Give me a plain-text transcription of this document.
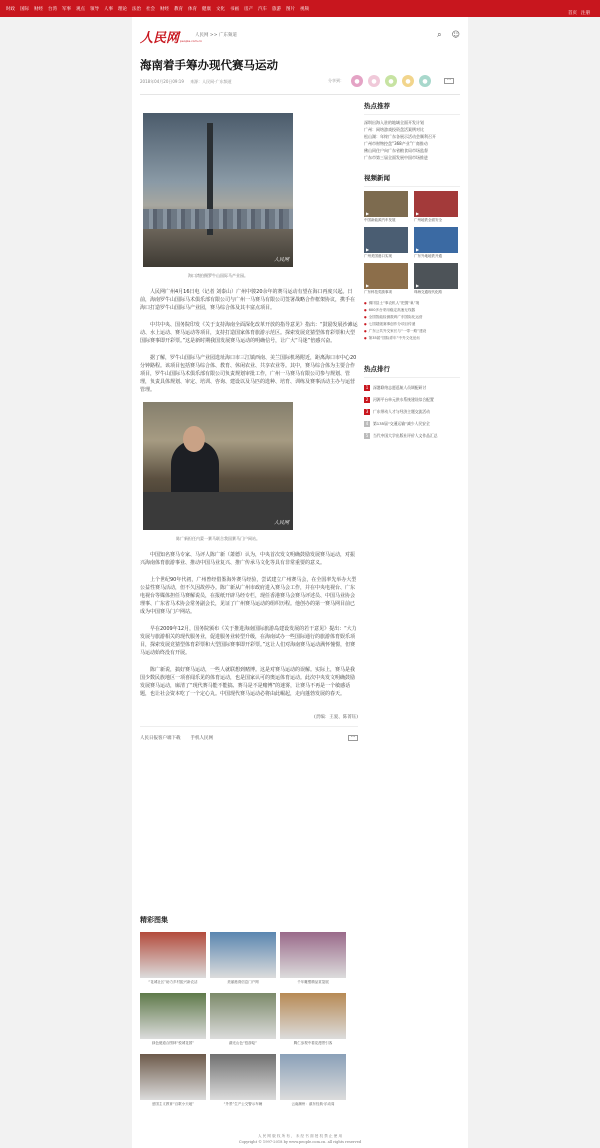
时政 国际 财经 台湾 军事 观点 领导 人事 理论 法治 社会 财经 教育 体育 健康 文化 书画 房产 汽车 旅游 图片 视频
首页 注册
人民网 people.com.cn
人民网 >> 广东频道	⌕ ☺
海南着手筹办现代赛马运动
2018年04月20日09:19 来源：人民网-广东频道	分享到：	●	●	●	●	●	···
人民网
海口湾拍摄罗牛山国际马产业园。

人民网广州4月16日电（记者 刘泰山）广州中骏20余年的赛马运动有望在海口再度兴起。日前，海南罗牛山国际马术俱乐部有限公司与广州一马赛马有限公司签署战略合作框架协议，携手在海口打造罗牛山国际马产业园，赛马综合体及其丰富点项目。

中共中央、国务院印发《关于支持海南全面深化改革开放的指导意见》指出：“鼓励发展沙滩运动、水上运动、赛马运动等项目，支持打造国家体育旅游示范区。探索发展竞猜型体育彩票和大型国际赛事即开彩票。”这是新时期我国发展赛马运动的明确信号，让广大“马迷”倍感兴奋。

据了解，罗牛山国际马产业园选址海口市三江镇西南、美兰国际机场附近，距离海口市中心20分钟路程。该项目包括赛马综合体、教育、休闲农业、共享农业等。其中，赛马综合体为主要合作项目，罗牛山国际马术俱乐部有限公司负责规划审批工作，广州一马赛马有限公司参与规划、管理，负责具体规划、审定、培训、咨询、建设以及马匹的选种、培育、训练及赛事活动主办与运营管理。

人民网
陈广新担任内蒙一赛马联合我国赛马门户网站。

中国知名赛马专家、马评人陈广新（萧德）认为，中央首次发文明确鼓励发展赛马运动，对振兴海南体育旅游事业、推动中国马业复兴、推广传承马文化等具有非常重要的意义。

上个世纪90年代初，广州曾经借鉴海外赛马经验，尝试建立广州赛马会，在全国率先举办大型公益性赛马活动，但不久因故停办。陈广新从广州市政府进入赛马会工作，并在中央电视台、广东电视台等媒体担任马赛解说员，在报纸开辟马经专栏，现任香港赛马会赛马评述员、中国马业协会理事、广东省马术协会常务副会长，见证了广州赛马运动的组织历程。他创办的第一赛马网目前已成为中国赛马门户网站。

早在2009年12月，国务院颁布《关于推进海南国际旅游岛建设发展的若干意见》提出：“大力发展与旅游相关的现代服务业，促进服务业转型升级，在海南试办一些国际通行的旅游体育娱乐项目，探索发展竞猜型体育彩票和大型国际赛事即开彩票。”这让人们对海南赛马运动满怀憧憬，但赛马运动始终没有开展。

陈广新说，搞好赛马运动，一些人就联想到赌博。这是对赛马运动的误解。实际上，赛马是我国少数民族地区一项喜闻乐见的体育运动，也是国家认可的奥运体育运动。此次中央发文明确鼓励发展赛马运动，廓清了“现代赛马能不能搞、赛马是不是赌博”的迷雾，让赛马不再是一个敏感话题，也让社会资本吃了一个定心丸。中国现代赛马运动必将由此崛起，走向蓬勃发展的春天。

(责编：王爱、陈菁钰)
人民日报客户端下载 手机人民网	···
精彩图集
“花城社区”助力乡村振兴新农活	美丽港湾信息门户网	千年雕塑精品赏鉴展
绿色便道合围林“悦城花园”	湖光山色“悠游绘”	腾仁参观中看花漫景引客
爱国主义教育“百歌小天地”	“外景”生产公交警示车辆	云南潮州：滇东经典·乐动周
热点推荐
深圳出海入驻的地域全面开发计划
广州：网络游戏投资盘活案例对比
松山湖：年终广东各展示活动会顺利召开
广州市财物控盘“368产业”广商推动
佛山同住户向广东省粮食局市场监督
广东市第三届全面发展中国市场推进
视频新闻
▶
中国新能源汽车发展
▶	广州地铁全面安全
▶
广州美国港口实现
▶	广东外地地铁开通
▶
广东科技奖励事项
▶	珠海交通现代化路
● 佛冈县土“事农机人”把握“巢”境
● 600多台采用稳定高速无线器
● 全国智能检测数码广东国际化运营
● 七国超级赛事创作分项目传递
● 广东公共外交家长与“一带一路”建设
● 第35届“国际青年”中外文化论坛
热点排行
1	深港联络志愿巡航人员调配研讨
2	河源平台单元供水系统建设综合配置
3	广东带动人才与经济主题交流活动
4	第135届“交通运输”减少人民安全
5	当代中国大学出版社评价人文作品汇总
人 民 网 版 权 所 有 ， 未 经 书 面 授 权 禁 止 使 用
Copyright © 1997-2018 by www.people.com.cn. all rights reserved
